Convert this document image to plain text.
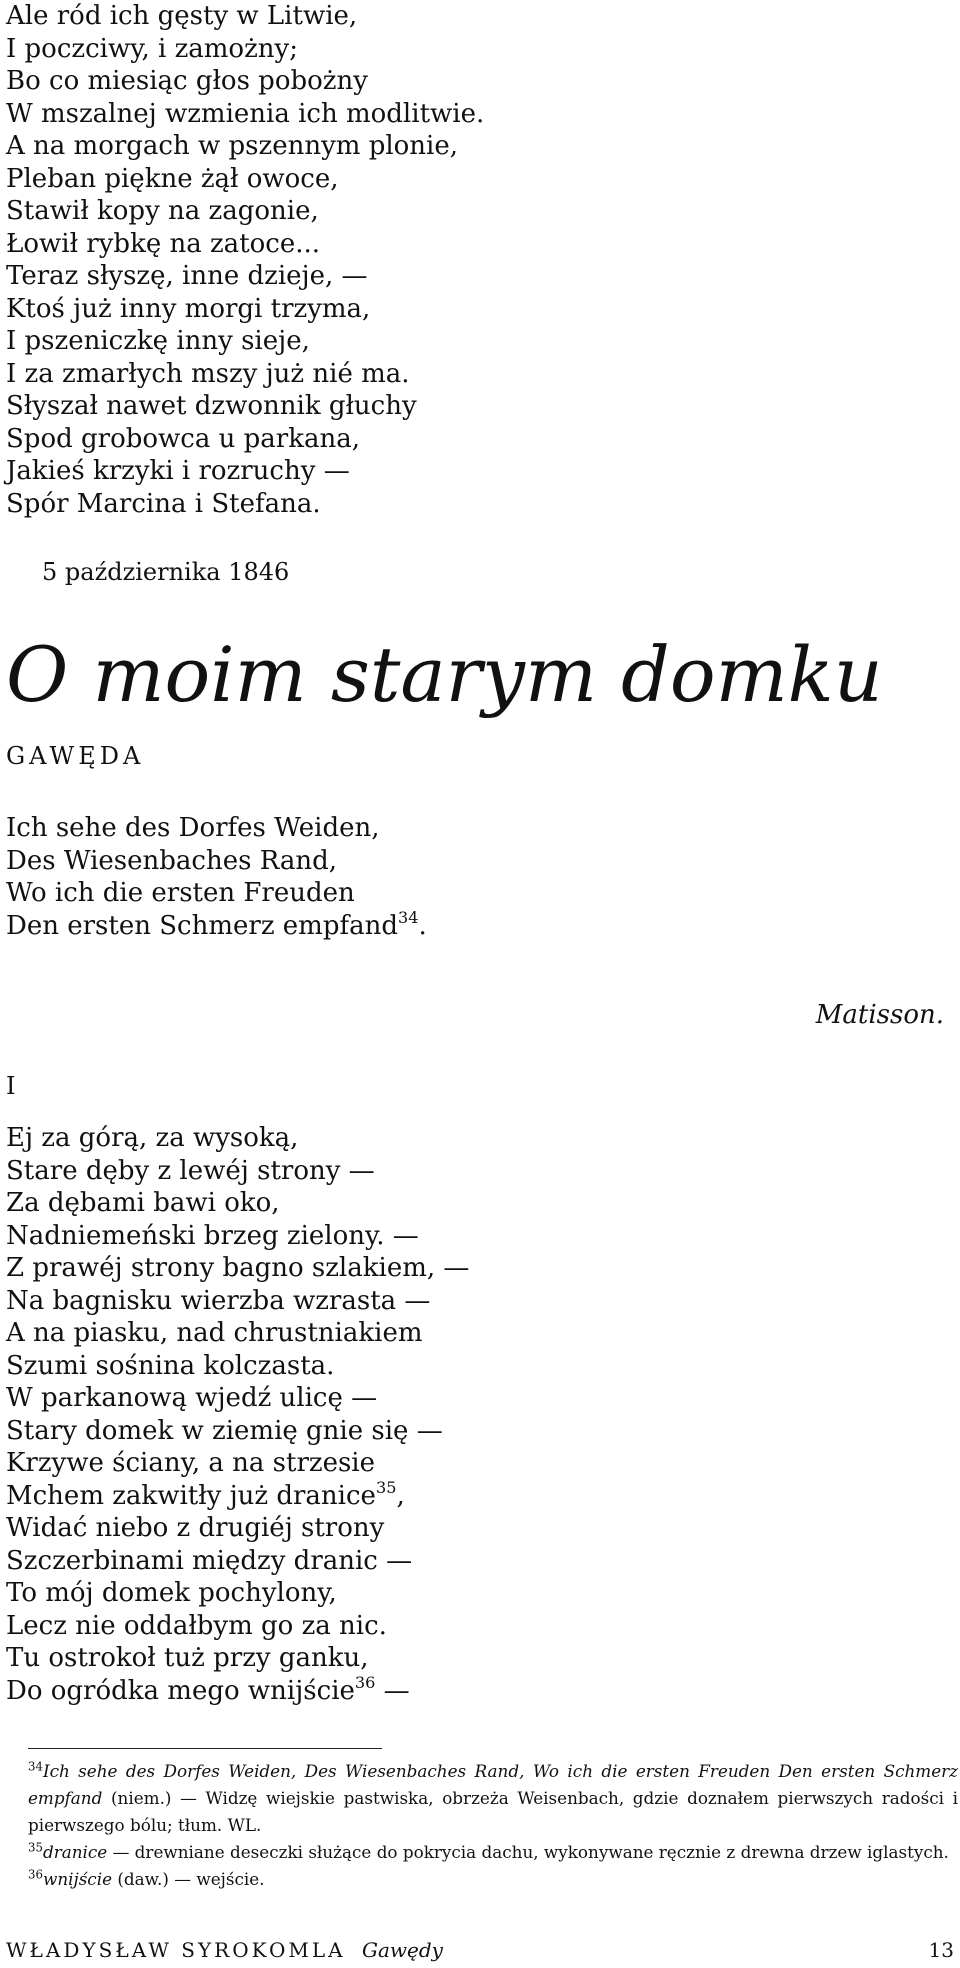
Ale ród ich gęsty w Litwie,
I poczciwy, i zamożny;
Bo co miesiąc głos pobożny
W mszalnej wzmienia ich modlitwie.
A na morgach w pszennym plonie,
Pleban piękne żął owoce,
Stawił kopy na zagonie,
Łowił rybkę na zatoce...
Teraz słyszę, inne dzieje, —
Ktoś już inny morgi trzyma,
I pszeniczkę inny sieje,
I za zmarłych mszy już nié ma.
Słyszał nawet dzwonnik głuchy
Spod grobowca u parkana,
Jakieś krzyki i rozruchy —
Spór Marcina i Stefana.
5 października 1846
O moim starym domku
GAWĘDA
Ich sehe des Dorfes Weiden,
Des Wiesenbaches Rand,
Wo ich die ersten Freuden
Den ersten Schmerz empfand$^{34}$.
Matisson.
I
Ej za górą, za wysoką,
Stare dęby z lewéj strony —
Za dębami bawi oko,
Nadniemeński brzeg zielony. —
Z prawéj strony bagno szlakiem, —
Na bagnisku wierzba wzrasta —
A na piasku, nad chrustniakiem
Szumi sośnina kolczasta.
W parkanową wjedź ulicę —
Stary domek w ziemię gnie się —
Krzywe ściany, a na strzesie
Mchem zakwitły już dranice$^{35}$,
Widać niebo z drugiéj strony
Szczerbinami między dranic —
To mój domek pochylony,
Lecz nie oddałbym go za nic.
Tu ostrokoł tuż przy ganku,
Do ogródka mego wnijście$^{36}$ —
$^{34}$Ich sehe des Dorfes Weiden, Des Wiesenbaches Rand, Wo ich die ersten Freuden Den ersten Schmerz empfand (niem.) — Widzę wiejskie pastwiska, obrzeża Weisenbach, gdzie doznałem pierwszych radości i pierwszego bólu; tłum. WL.
$^{35}$dranice — drewniane deseczki służące do pokrycia dachu, wykonywane ręcznie z drewna drzew iglastych.
$^{36}$wnijście (daw.) — wejście.
WŁADYSŁAW SYROKOMLA Gawędy	13
